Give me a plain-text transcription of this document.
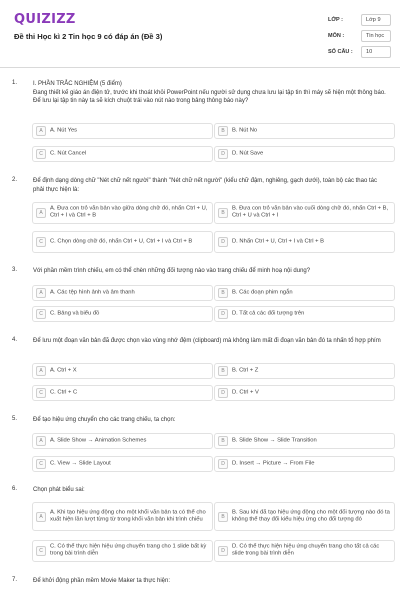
QUIZIZZ
Đề thi Học kì 2 Tin học 9 có đáp án (Đề 3)
LỚP :	Lớp 9
MÔN :	Tin học
SỐ CÂU :	10
1.	I. PHẦN TRẮC NGHIỆM (5 điểm)
Đang thiết kế giáo án điện tử, trước khi thoát khỏi PowerPoint nếu người sử dụng chưa lưu lại tập tin thì máy sẽ hiện một thông báo. Để lưu lại tập tin này ta sẽ kích chuột trái vào nút nào trong bảng thông báo này?
A	A. Nút Yes	B	B. Nút No
C	C. Nút Cancel	D	D. Nút Save
2.	Để định dạng dòng chữ "Nét chữ nết người" thành "Nét chữ nết người" (kiểu chữ đậm, nghiêng, gạch dưới), toàn bộ các thao tác phải thực hiện là:
A
A. Đưa con trỏ văn bản vào giữa dòng chữ đó, nhấn Ctrl + U, Ctrl + I và Ctrl + B	B
B. Đưa con trỏ văn bản vào cuối dòng chữ đó, nhấn Ctrl + B, Ctrl + U và Ctrl + I
C	C. Chọn dòng chữ đó, nhấn Ctrl + U, Ctrl + I và Ctrl + B	D	D. Nhấn Ctrl + U, Ctrl + I và Ctrl + B
3.	Với phần mềm trình chiếu, em có thể chèn những đối tượng nào vào trang chiếu để minh hoạ nội dung?
A	A. Các tệp hình ảnh và âm thanh	B	B. Các đoạn phim ngắn
C	C. Bảng và biểu đồ	D	D. Tất cả các đối tượng trên
4.	Để lưu một đoạn văn bản đã được chọn vào vùng nhớ đệm (clipboard) mà không làm mất đi đoạn văn bản đó ta nhấn tổ hợp phím
A	A. Ctrl + X	B	B. Ctrl + Z
C	C. Ctrl + C	D	D. Ctrl + V
5.	Để tạo hiệu ứng chuyển cho các trang chiếu, ta chọn:
A	A. Slide Show → Animation Schemes	B	B. Slide Show → Slide Transition
C	C. View → Slide Layout	D	D. Insert → Picture → From File
6.	Chọn phát biểu sai:
A
A. Khi tạo hiệu ứng động cho một khối văn bản ta có thể cho xuất hiện lần lượt từng từ trong khối văn bản khi trình chiếu	B
B. Sau khi đã tạo hiệu ứng động cho một đối tượng nào đó ta không thể thay đổi kiểu hiệu ứng cho đối tượng đó
C
C. Có thể thực hiện hiệu ứng chuyển trang cho 1 slide bất kỳ trong bài trình diễn	D
D. Có thể thực hiện hiệu ứng chuyển trang cho tất cả các slide trong bài trình diễn
7.	Để khởi động phần mềm Movie Maker ta thực hiện:
